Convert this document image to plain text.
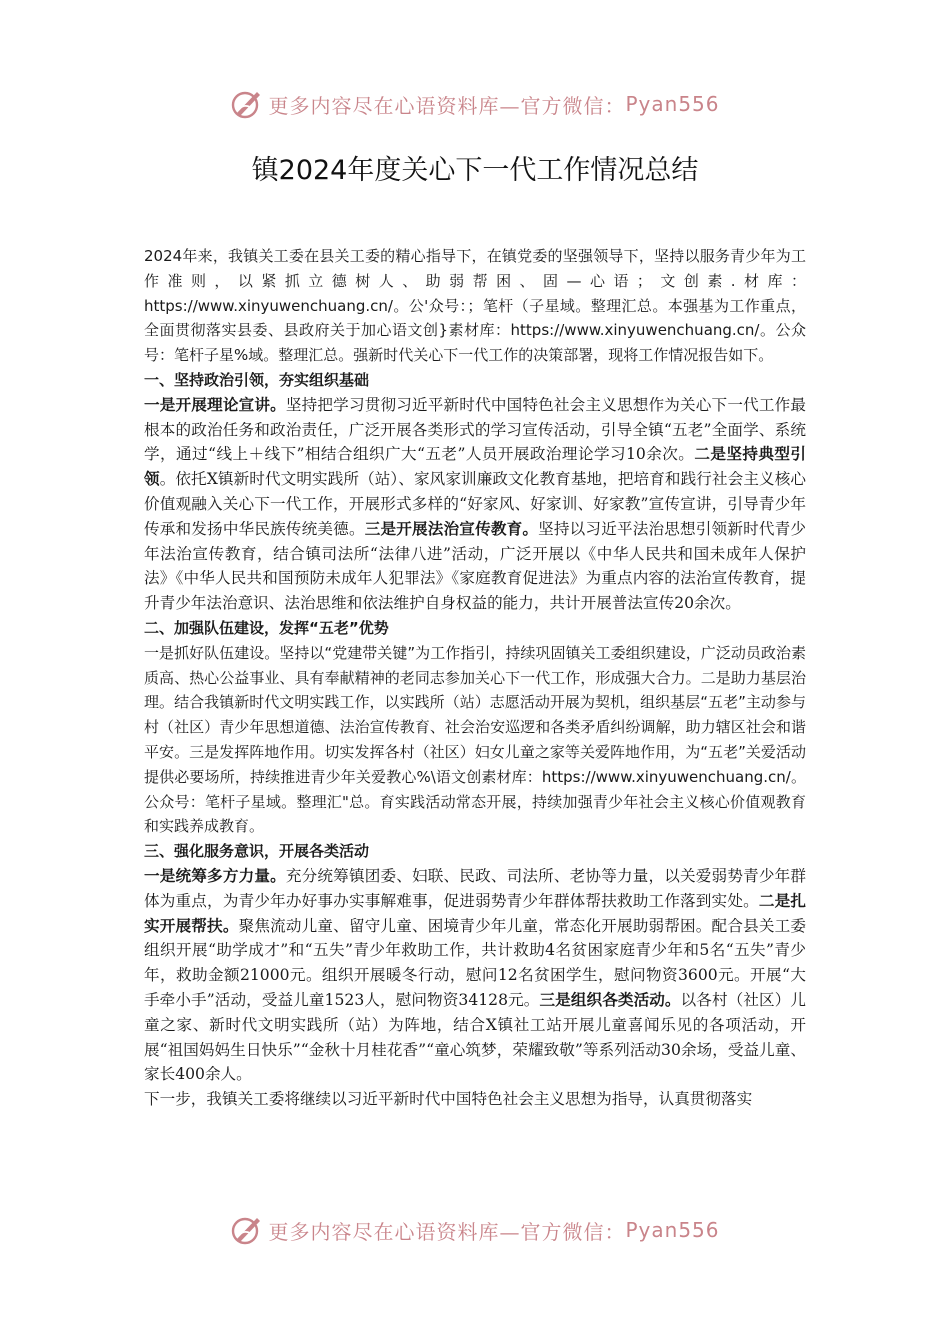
更多内容尽在心语资料库—官方微信： Pyan556
镇2024年度关心下一代工作情况总结

2024年来，我镇关工委在县关工委的精心指导下，在镇党委的坚强领导下，坚持以服务青少年为工作准则，以紧抓立德树人、助弱帮困、固—心语；文创素.材库：https://www.xinyuwenchuang.cn/。公'众号：；笔杆（子星域。整理汇总。本强基为工作重点，全面贯彻落实县委、县政府关于加心语文创}素材库：https://www.xinyuwenchuang.cn/。公众号：笔杆子星%域。整理汇总。强新时代关心下一代工作的决策部署，现将工作情况报告如下。

一、坚持政治引领，夯实组织基础

一是开展理论宣讲。坚持把学习贯彻习近平新时代中国特色社会主义思想作为关心下一代工作最根本的政治任务和政治责任，广泛开展各类形式的学习宣传活动，引导全镇“五老”全面学、系统学，通过“线上＋线下”相结合组织广大“五老”人员开展政治理论学习10余次。二是坚持典型引领。依托X镇新时代文明实践所（站）、家风家训廉政文化教育基地，把培育和践行社会主义核心价值观融入关心下一代工作，开展形式多样的“好家风、好家训、好家教”宣传宣讲，引导青少年传承和发扬中华民族传统美德。三是开展法治宣传教育。坚持以习近平法治思想引领新时代青少年法治宣传教育，结合镇司法所“法律八进”活动，广泛开展以《中华人民共和国未成年人保护法》《中华人民共和国预防未成年人犯罪法》《家庭教育促进法》为重点内容的法治宣传教育，提升青少年法治意识、法治思维和依法维护自身权益的能力，共计开展普法宣传20余次。

二、加强队伍建设，发挥“五老”优势

一是抓好队伍建设。坚持以“党建带关键”为工作指引，持续巩固镇关工委组织建设，广泛动员政治素质高、热心公益事业、具有奉献精神的老同志参加关心下一代工作，形成强大合力。二是助力基层治理。结合我镇新时代文明实践工作，以实践所（站）志愿活动开展为契机，组织基层“五老”主动参与村（社区）青少年思想道德、法治宣传教育、社会治安巡逻和各类矛盾纠纷调解，助力辖区社会和谐平安。三是发挥阵地作用。切实发挥各村（社区）妇女儿童之家等关爱阵地作用，为“五老”关爱活动提供必要场所，持续推进青少年关爱教心%\语文创素材库：https://www.xinyuwenchuang.cn/。公众号：笔杆子星域。整理汇"总。育实践活动常态开展，持续加强青少年社会主义核心价值观教育和实践养成教育。

三、强化服务意识，开展各类活动

一是统筹多方力量。充分统筹镇团委、妇联、民政、司法所、老协等力量，以关爱弱势青少年群体为重点，为青少年办好事办实事解难事，促进弱势青少年群体帮扶救助工作落到实处。二是扎实开展帮扶。聚焦流动儿童、留守儿童、困境青少年儿童，常态化开展助弱帮困。配合县关工委组织开展“助学成才”和“五失”青少年救助工作，共计救助4名贫困家庭青少年和5名“五失”青少年，救助金额21000元。组织开展暖冬行动，慰问12名贫困学生，慰问物资3600元。开展“大手牵小手”活动，受益儿童1523人，慰问物资34128元。三是组织各类活动。以各村（社区）儿童之家、新时代文明实践所（站）为阵地，结合X镇社工站开展儿童喜闻乐见的各项活动，开展“祖国妈妈生日快乐”“金秋十月桂花香”“童心筑梦，荣耀致敬”等系列活动30余场，受益儿童、家长400余人。

下一步，我镇关工委将继续以习近平新时代中国特色社会主义思想为指导，认真贯彻落实

更多内容尽在心语资料库—官方微信： Pyan556
